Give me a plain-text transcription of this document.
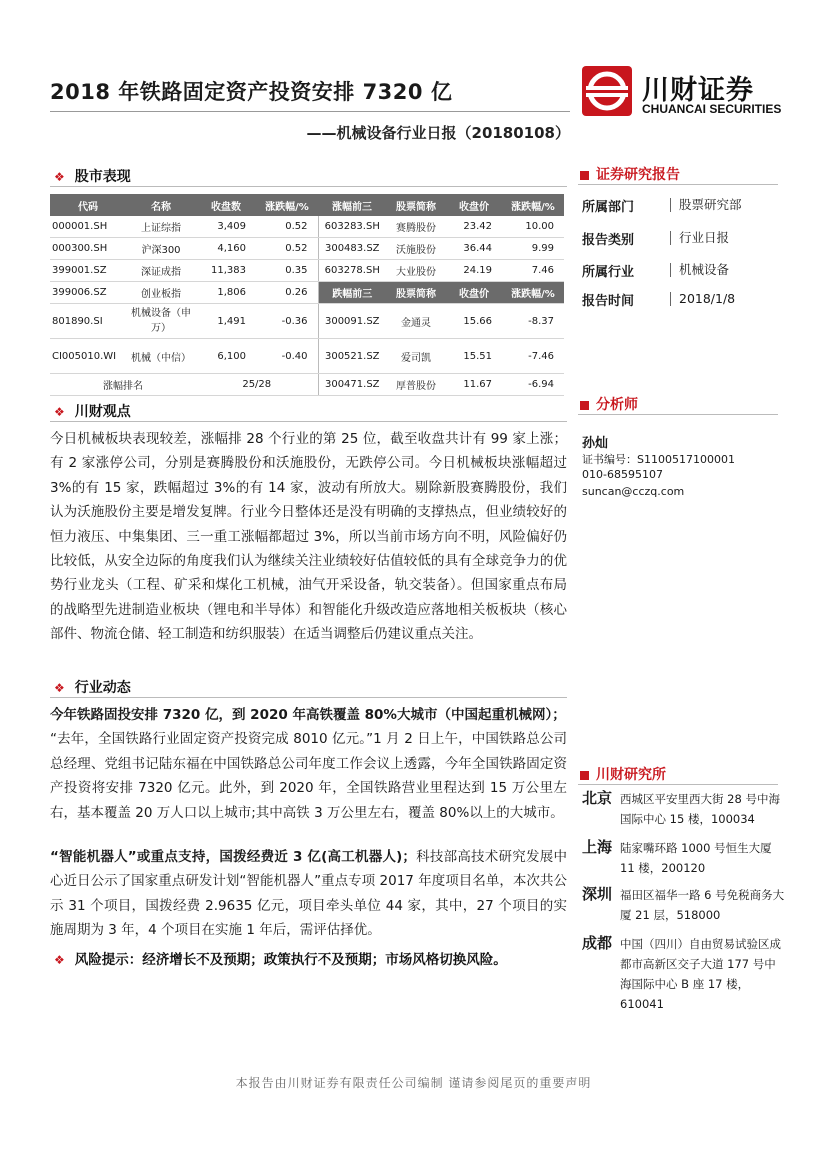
2018 年铁路固定资产投资安排 7320 亿
——机械设备行业日报（20180108）
川财证券
CHUANCAI SECURITIES
❖ 股市表现
代码	名称	收盘数	涨跌幅/%	涨幅前三	股票简称	收盘价	涨跌幅/%
000001.SH	上证综指	3,409	0.52	603283.SH	赛腾股份	23.42	10.00
000300.SH	沪深300	4,160	0.52	300483.SZ	沃施股份	36.44	9.99
399001.SZ	深证成指	11,383	0.35	603278.SH	大业股份	24.19	7.46
399006.SZ	创业板指	1,806	0.26	跌幅前三	股票简称	收盘价	涨跌幅/%
801890.SI	机械设备（申万）	1,491	-0.36	300091.SZ	金通灵	15.66	-8.37
CI005010.WI	机械（中信）	6,100	-0.40	300521.SZ	爱司凯	15.51	-7.46
涨幅排名		25/28		300471.SZ	厚普股份	11.67	-6.94
❖ 川财观点
今日机械板块表现较差，涨幅排 28 个行业的第 25 位，截至收盘共计有 99 家上涨；有 2 家涨停公司，分别是赛腾股份和沃施股份，无跌停公司。今日机械板块涨幅超过 3%的有 15 家，跌幅超过 3%的有 14 家，波动有所放大。剔除新股赛腾股份，我们认为沃施股份主要是增发复牌。行业今日整体还是没有明确的支撑热点，但业绩较好的恒力液压、中集集团、三一重工涨幅都超过 3%，所以当前市场方向不明，风险偏好仍比较低，从安全边际的角度我们认为继续关注业绩较好估值较低的具有全球竞争力的优势行业龙头（工程、矿采和煤化工机械，油气开采设备，轨交装备）。但国家重点布局的战略型先进制造业板块（锂电和半导体）和智能化升级改造应落地相关板板块（核心部件、物流仓储、轻工制造和纺织服装）在适当调整后仍建议重点关注。
❖ 行业动态
今年铁路固投安排 7320 亿，到 2020 年高铁覆盖 80%大城市（中国起重机械网）；
“去年，全国铁路行业固定资产投资完成 8010 亿元。”1 月 2 日上午，中国铁路总公司总经理、党组书记陆东福在中国铁路总公司年度工作会议上透露，今年全国铁路固定资产投资将安排 7320 亿元。此外，到 2020 年，全国铁路营业里程达到 15 万公里左右，基本覆盖 20 万人口以上城市;其中高铁 3 万公里左右，覆盖 80%以上的大城市。
“智能机器人”或重点支持，国拨经费近 3 亿(高工机器人)；科技部高技术研究发展中心近日公示了国家重点研发计划“智能机器人”重点专项 2017 年度项目名单，本次共公示 31 个项目，国拨经费 2.9635 亿元，项目牵头单位 44 家，其中，27 个项目的实施周期为 3 年，4 个项目在实施 1 年后，需评估择优。
❖ 风险提示：经济增长不及预期；政策执行不及预期；市场风格切换风险。
证券研究报告
所属部门	股票研究部
报告类别	行业日报
所属行业	机械设备
报告时间	2018/1/8
分析师
孙灿
证书编号：S1100517100001
010-68595107
suncan@cczq.com
川财研究所
北京 西城区平安里西大街 28 号中海国际中心 15 楼，100034
上海 陆家嘴环路 1000 号恒生大厦 11 楼，200120
深圳 福田区福华一路 6 号免税商务大厦 21 层，518000
成都 中国（四川）自由贸易试验区成都市高新区交子大道 177 号中海国际中心 B 座 17 楼，610041
本报告由川财证券有限责任公司编制 谨请参阅尾页的重要声明
